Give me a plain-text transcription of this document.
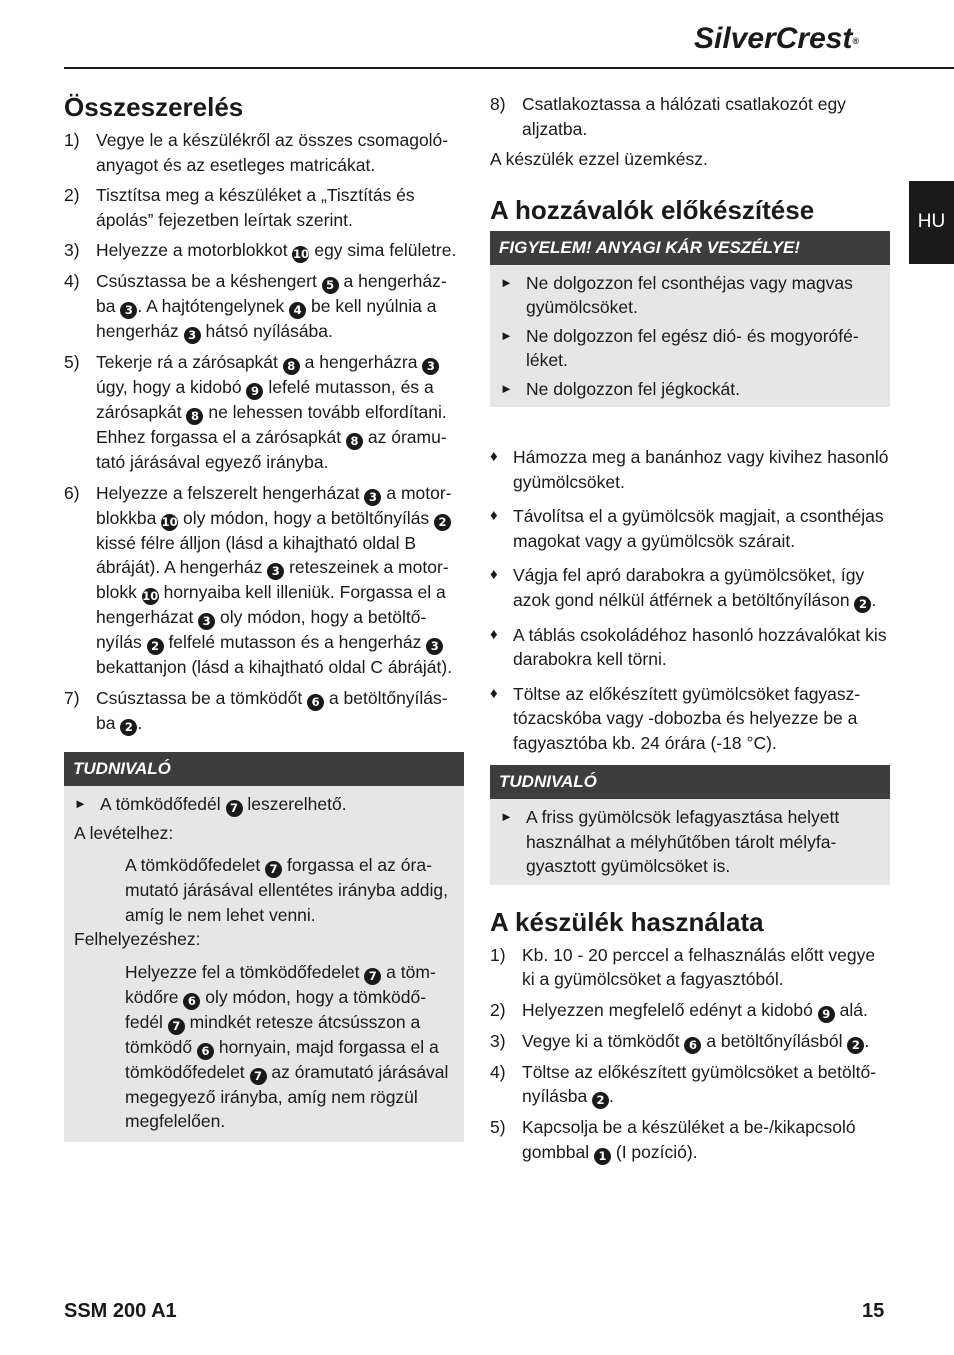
SilverCrest®
HU
Összeszerelés
1) Vegye le a készülékről az összes csomagoló-anyagot és az esetleges matricákat.
2) Tisztítsa meg a készüléket a „Tisztítás és ápolás” fejezetben leírtak szerint.
3) Helyezze a motorblokkot 10 egy sima felületre.
4) Csúsztassa be a késhengert 5 a hengerház-ba 3 . A hajtótengelynek 4 be kell nyúlnia a hengerház 3 hátsó nyílásába.
5) Tekerje rá a zárósapkát 8 a hengerházra 3 úgy, hogy a kidobó 9 lefelé mutasson, és a zárósapkát 8 ne lehessen tovább elfordítani. Ehhez forgassa el a zárósapkát 8 az óramu-tató járásával egyező irányba.
6) Helyezze a felszerelt hengerházat 3 a motor-blokkba 10 oly módon, hogy a betöltőnyílás 2 kissé félre álljon (lásd a kihajtható oldal B ábráját). A hengerház 3 reteszeinek a motor-blokk 10 hornyaiba kell illeniük. Forgassa el a hengerházat 3 oly módon, hogy a betöltő-nyílás 2 felfelé mutasson és a hengerház 3 bekattanjon (lásd a kihajtható oldal C ábráját).
7) Csúsztassa be a tömködőt 6 a betöltőnyílás-ba 2 .
TUDNIVALÓ
► A tömködőfedél 7 leszerelhető.
A levételhez:
A tömködőfedelet 7 forgassa el az óra-mutató járásával ellentétes irányba addig, amíg le nem lehet venni.
Felhelyezéshez:
Helyezze fel a tömködőfedelet 7 a töm-ködőre 6 oly módon, hogy a tömködő-fedél 7 mindkét retesze átcsússzon a tömködő 6 hornyain, majd forgassa el a tömködőfedelet 7 az óramutató járásával megegyező irányba, amíg nem rögzül megfelelően.
8) Csatlakoztassa a hálózati csatlakozót egy aljzatba.
A készülék ezzel üzemkész.
A hozzávalók előkészítése
FIGYELEM! ANYAGI KÁR VESZÉLYE!
► Ne dolgozzon fel csonthéjas vagy magvas gyümölcsöket.
► Ne dolgozzon fel egész dió- és mogyorófé-léket.
► Ne dolgozzon fel jégkockát.
♦ Hámozza meg a banánhoz vagy kivihez hasonló gyümölcsöket.
♦ Távolítsa el a gyümölcsök magjait, a csonthéjas magokat vagy a gyümölcsök szárait.
♦ Vágja fel apró darabokra a gyümölcsöket, így azok gond nélkül átférnek a betöltőnyíláson 2 .
♦ A táblás csokoládéhoz hasonló hozzávalókat kis darabokra kell törni.
♦ Töltse az előkészített gyümölcsöket fagyasz-tózacskóba vagy -dobozba és helyezze be a fagyasztóba kb. 24 órára (-18 °C).
TUDNIVALÓ
► A friss gyümölcsök lefagyasztása helyett használhat a mélyhűtőben tárolt mélyfa-gyasztott gyümölcsöket is.
A készülék használata
1) Kb. 10 - 20 perccel a felhasználás előtt vegye ki a gyümölcsöket a fagyasztóból.
2) Helyezzen megfelelő edényt a kidobó 9 alá.
3) Vegye ki a tömködőt 6 a betöltőnyílásból 2 .
4) Töltse az előkészített gyümölcsöket a betöltő-nyílásba 2 .
5) Kapcsolja be a készüléket a be-/kikapcsoló gombbal 1 (I pozíció).
SSM 200 A1	15
